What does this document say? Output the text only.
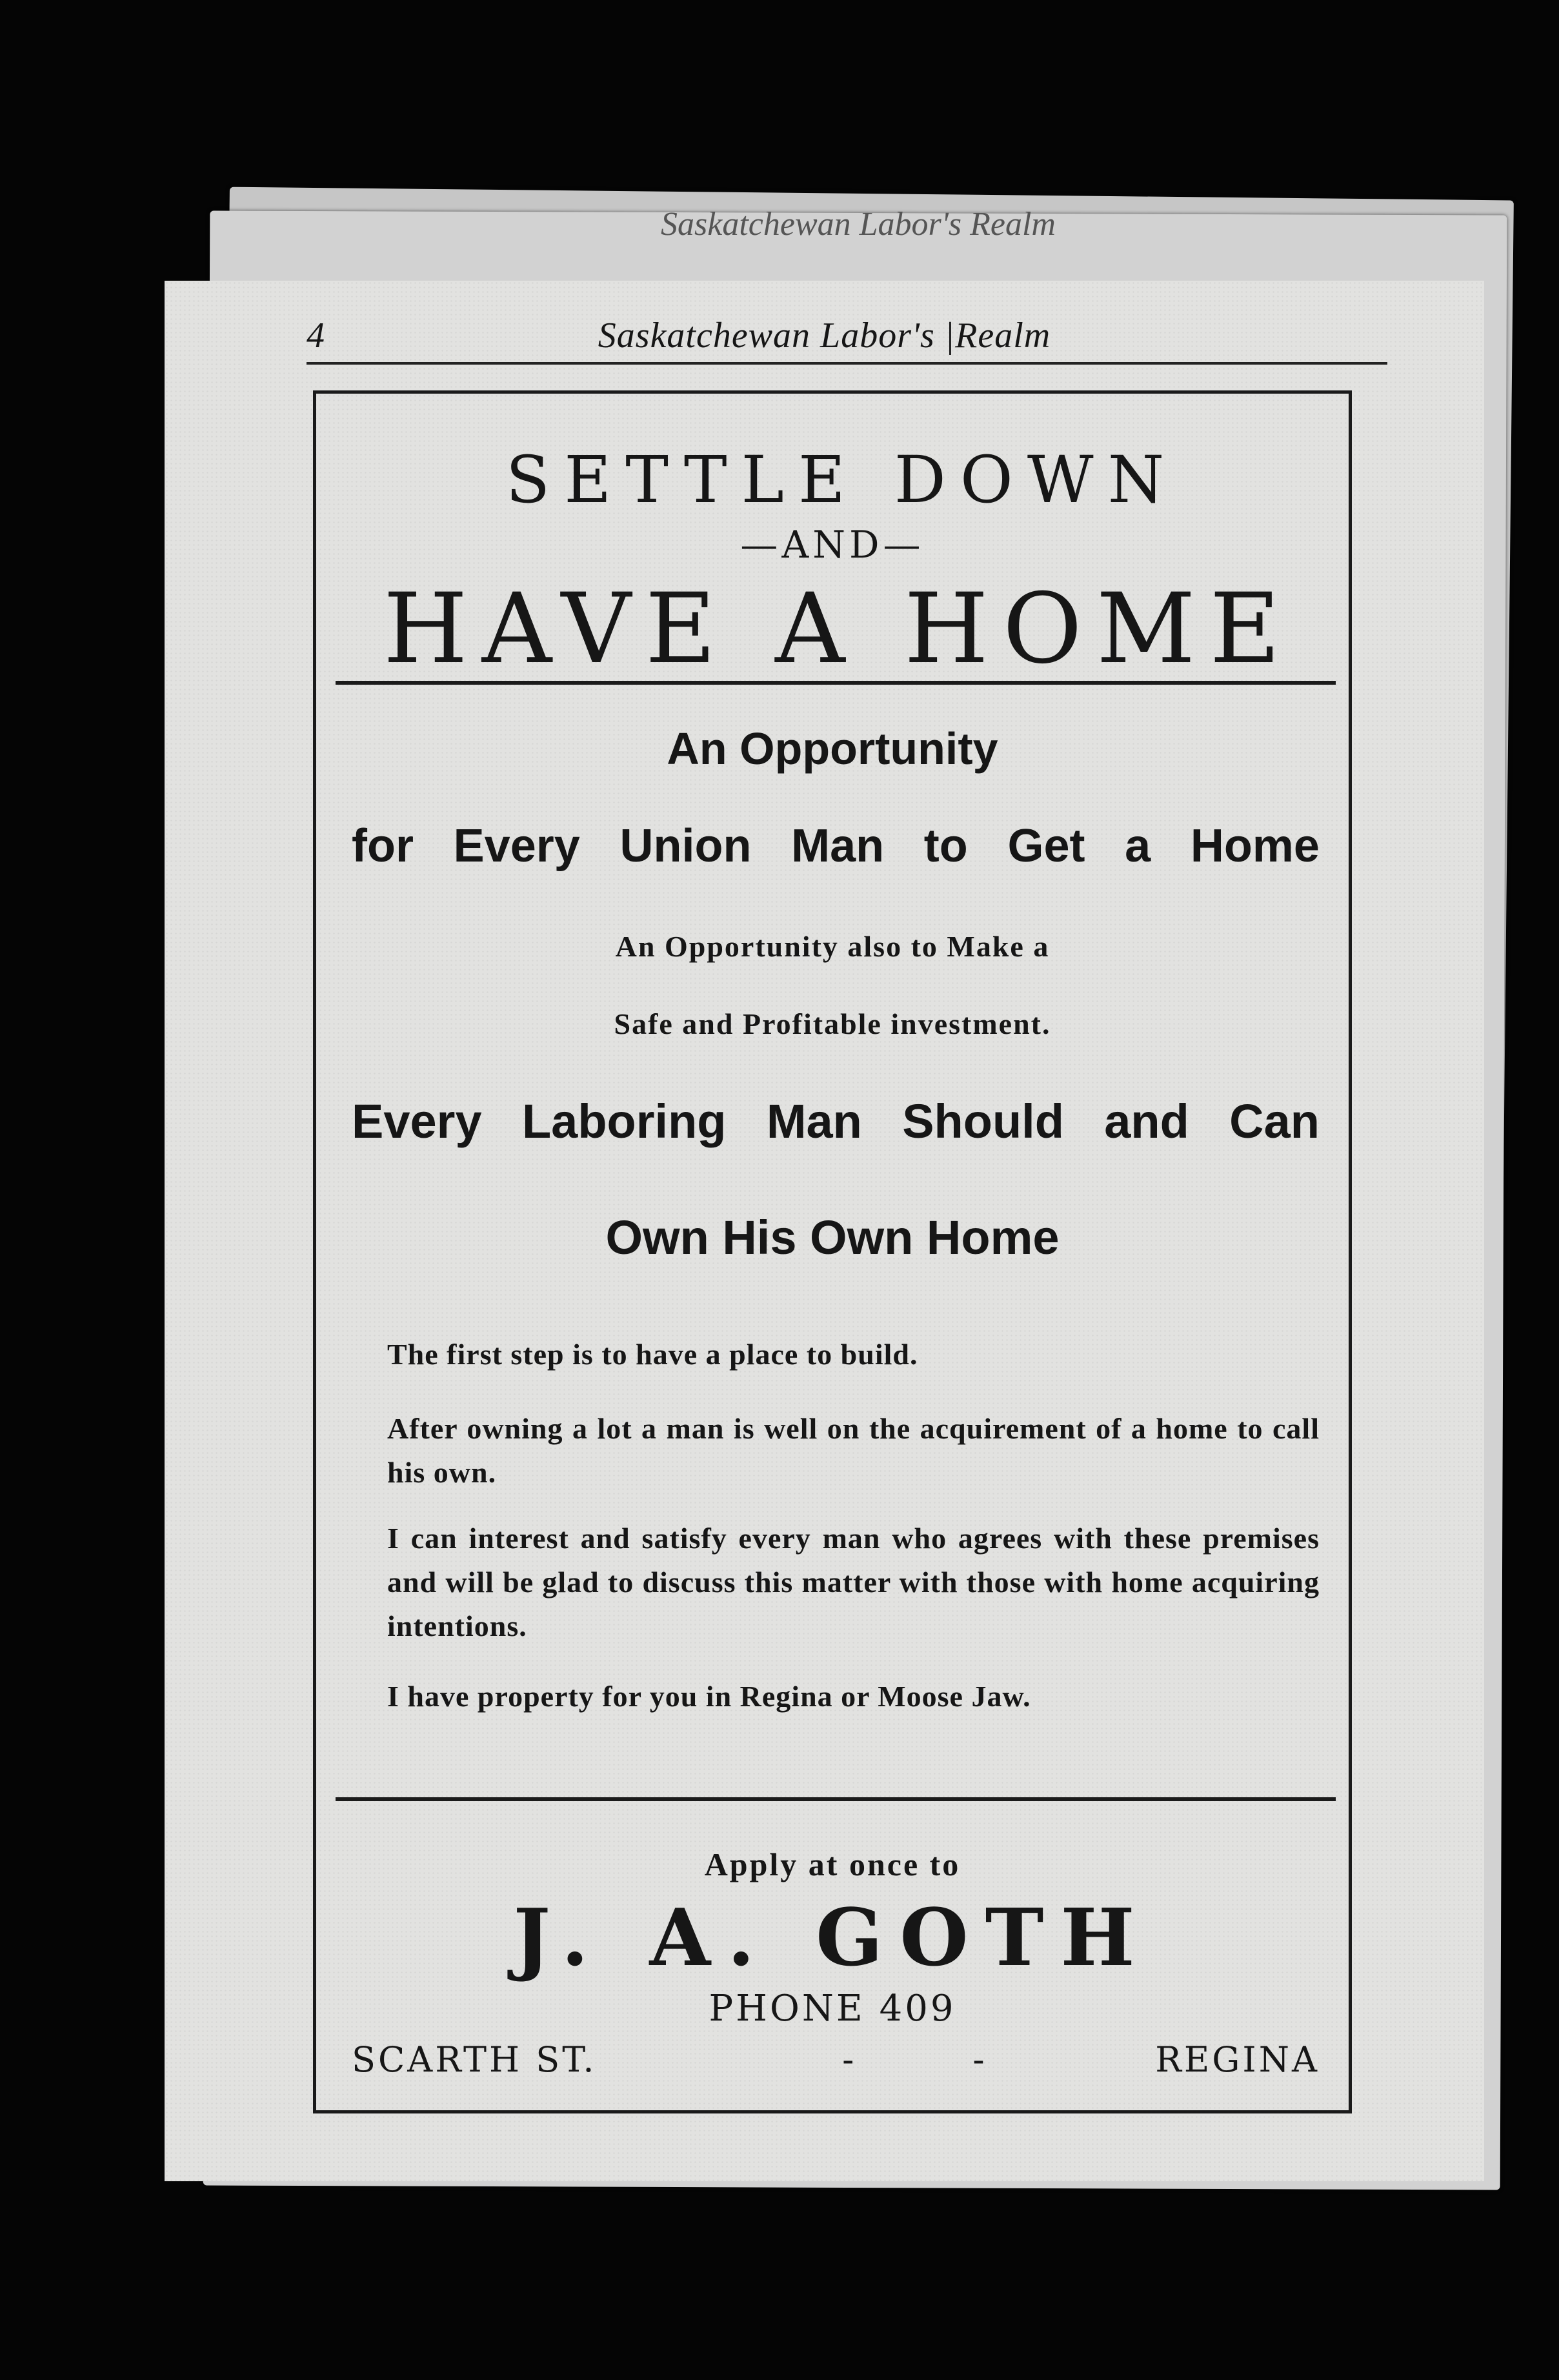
Saskatchewan Labor's Realm
4	Saskatchewan Labor's |Realm
SETTLE DOWN
—AND—
HAVE A HOME
An Opportunity
for Every Union Man to Get a Home
An Opportunity also to Make a
Safe and Profitable investment.
Every Laboring Man Should and Can
Own His Own Home
The first step is to have a place to build.
After owning a lot a man is well on the acquirement of a home to call his own.
I can interest and satisfy every man who agrees with these premises and will be glad to discuss this matter with those with home acquiring intentions.
I have property for you in Regina or Moose Jaw.
Apply at once to
J. A. GOTH
PHONE 409
SCARTH ST.	-	-	REGINA
